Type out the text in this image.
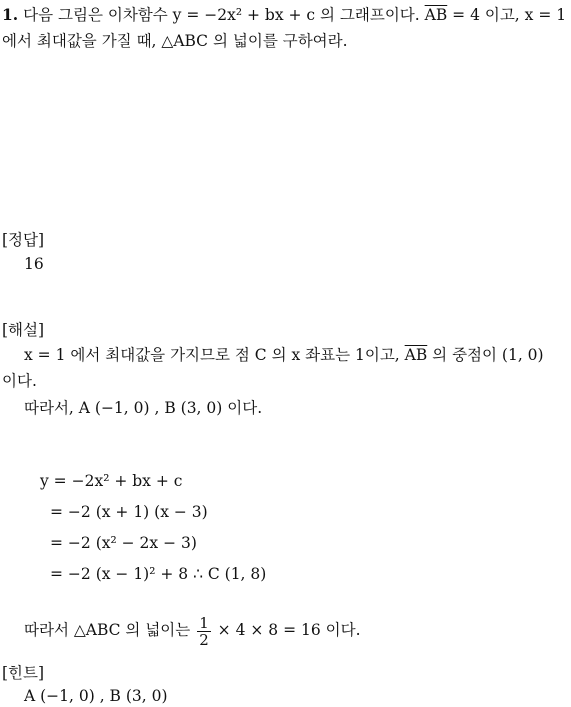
1. 다음 그림은 이차함수 y = −2x² + bx + c 의 그래프이다. $\overline{AB} = 4$ 이고, x = 1
에서 최대값을 가질 때, △ABC 의 넓이를 구하여라.
[정답]
16
[해설]
x = 1 에서 최대값을 가지므로 점 C 의 x 좌표는 1이고, $\overline{AB}$ 의 중점이 (1, 0)
이다.
따라서, A (−1, 0) , B (3, 0) 이다.
y = −2x² + bx + c
= −2 (x + 1) (x − 3)
= −2 (x² − 2x − 3)
= −2 (x − 1)² + 8 ∴ C (1, 8)
따라서 △ABC 의 넓이는 $\frac{1}{2} \times 4 \times 8 = 16$ 이다.
[힌트]
A (−1, 0) , B (3, 0)
